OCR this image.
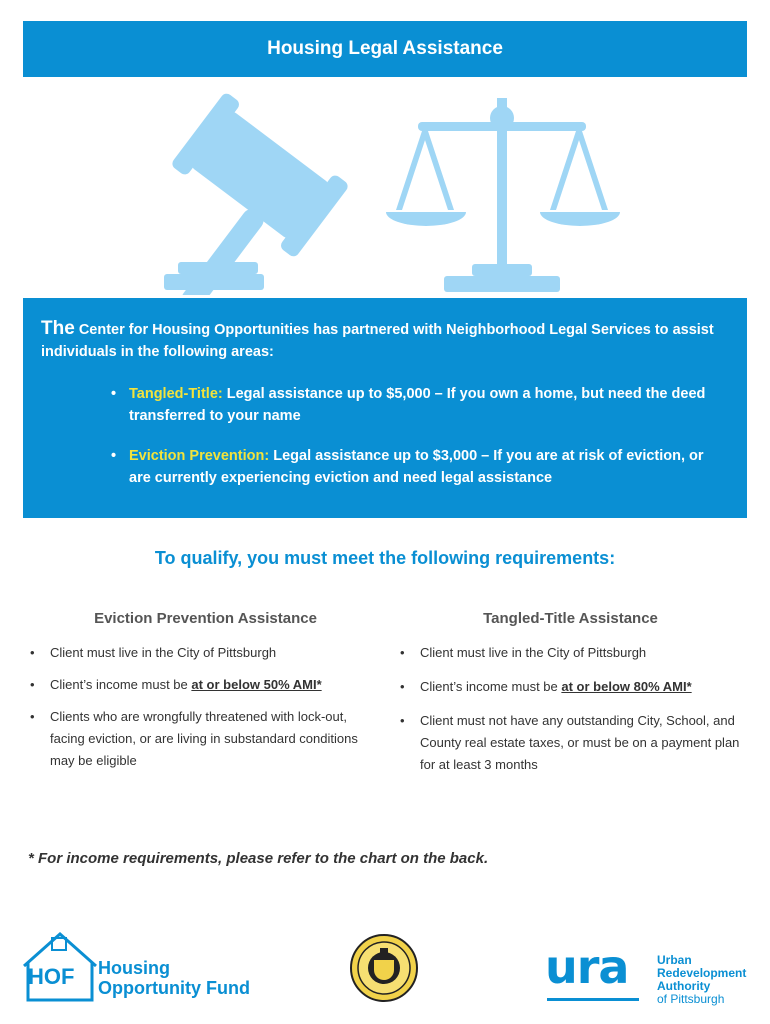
Housing Legal Assistance

The Center for Housing Opportunities has partnered with Neighborhood Legal Services to assist individuals in the following areas:

• Tangled-Title: Legal assistance up to $5,000 – If you own a home, but need the deed transferred to your name
• Eviction Prevention: Legal assistance up to $3,000 – If you are at risk of eviction, or are currently experiencing eviction and need legal assistance
To qualify, you must meet the following requirements:
Eviction Prevention Assistance
• Client must live in the City of Pittsburgh
• Client’s income must be at or below 50% AMI*
• Clients who are wrongfully threatened with lock-out, facing eviction, or are living in substandard conditions may be eligible
Tangled-Title Assistance
• Client must live in the City of Pittsburgh
• Client’s income must be at or below 80% AMI*
• Client must not have any outstanding City, School, and County real estate taxes, or must be on a payment plan for at least 3 months
* For income requirements, please refer to the chart on the back.
HOF Housing
Opportunity Fund	ura Urban
Redevelopment
Authority
of Pittsburgh
